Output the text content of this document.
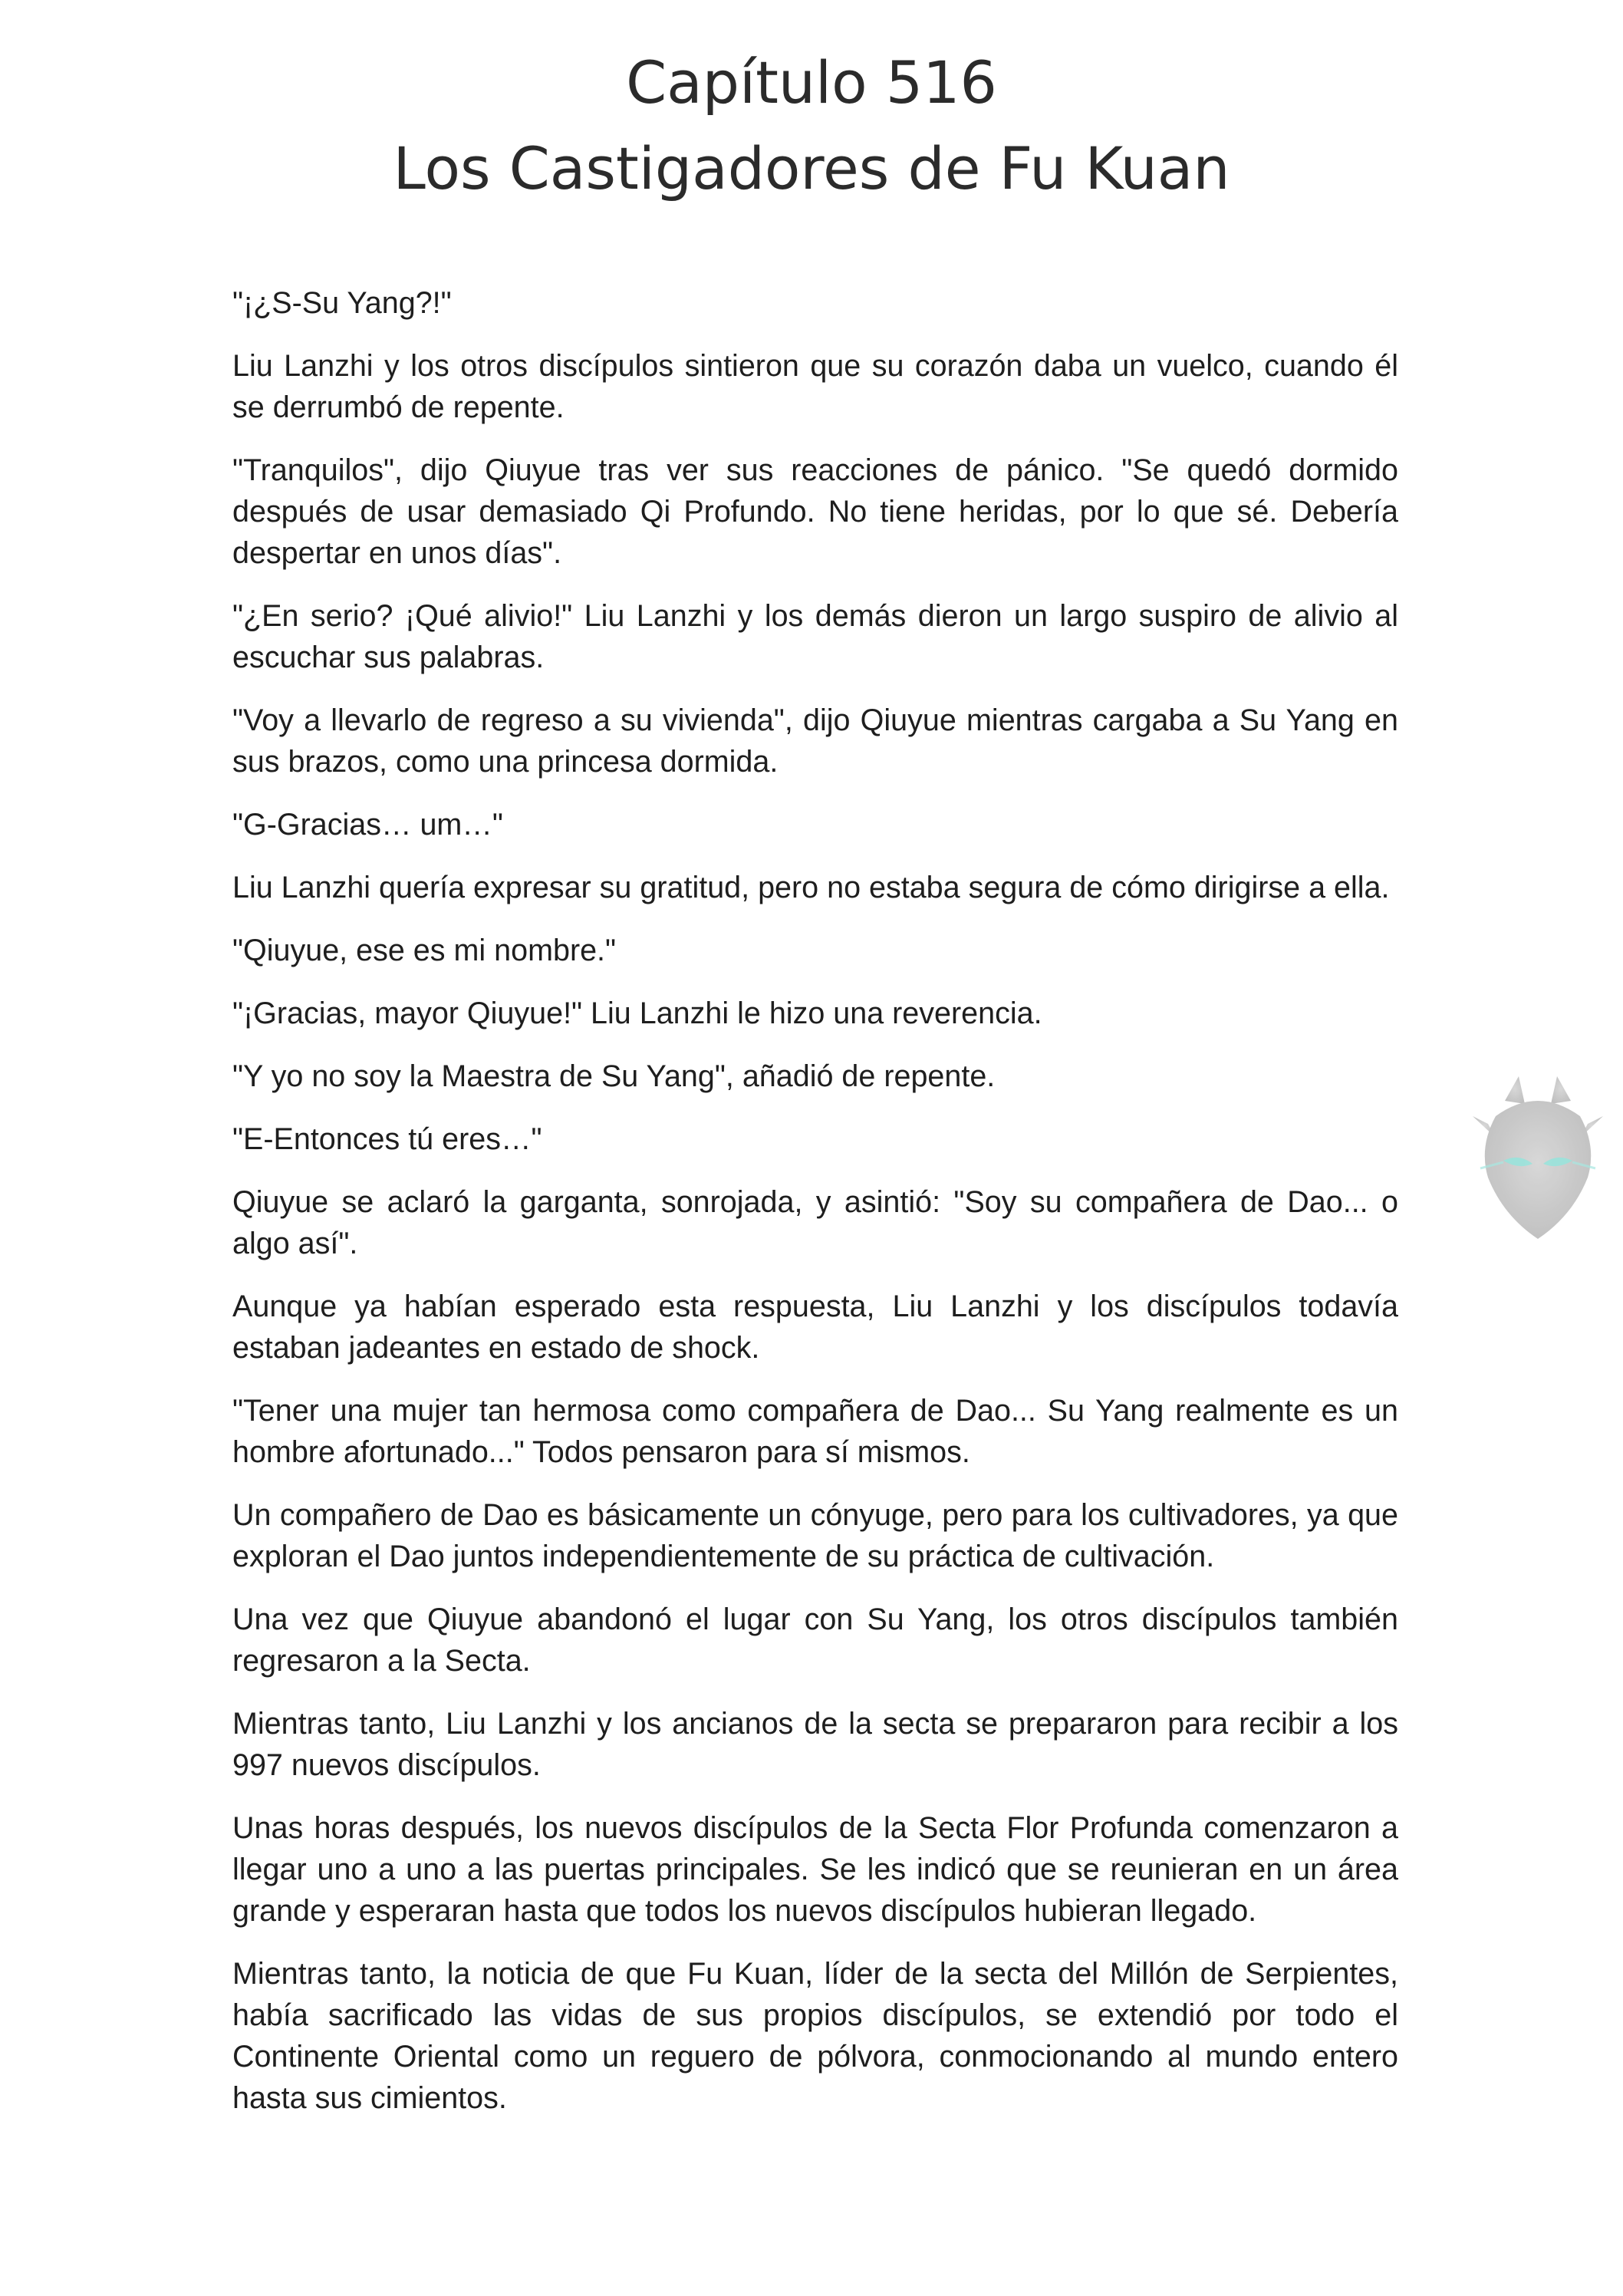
Capítulo 516
Los Castigadores de Fu Kuan

"¡¿S-Su Yang?!"

Liu Lanzhi y los otros discípulos sintieron que su corazón daba un vuelco, cuando él se derrumbó de repente.

"Tranquilos", dijo Qiuyue tras ver sus reacciones de pánico. "Se quedó dormido después de usar demasiado Qi Profundo. No tiene heridas, por lo que sé. Debería despertar en unos días".

"¿En serio? ¡Qué alivio!" Liu Lanzhi y los demás dieron un largo suspiro de alivio al escuchar sus palabras.

"Voy a llevarlo de regreso a su vivienda", dijo Qiuyue mientras cargaba a Su Yang en sus brazos, como una princesa dormida.

"G-Gracias… um…"

Liu Lanzhi quería expresar su gratitud, pero no estaba segura de cómo dirigirse a ella.

"Qiuyue, ese es mi nombre."

"¡Gracias, mayor Qiuyue!" Liu Lanzhi le hizo una reverencia.

"Y yo no soy la Maestra de Su Yang", añadió de repente.

"E-Entonces tú eres…"

Qiuyue se aclaró la garganta, sonrojada, y asintió: "Soy su compañera de Dao... o algo así".

Aunque ya habían esperado esta respuesta, Liu Lanzhi y los discípulos todavía estaban jadeantes en estado de shock.

"Tener una mujer tan hermosa como compañera de Dao... Su Yang realmente es un hombre afortunado..." Todos pensaron para sí mismos.

Un compañero de Dao es básicamente un cónyuge, pero para los cultivadores, ya que exploran el Dao juntos independientemente de su práctica de cultivación.

Una vez que Qiuyue abandonó el lugar con Su Yang, los otros discípulos también regresaron a la Secta.

Mientras tanto, Liu Lanzhi y los ancianos de la secta se prepararon para recibir a los 997 nuevos discípulos.

Unas horas después, los nuevos discípulos de la Secta Flor Profunda comenzaron a llegar uno a uno a las puertas principales. Se les indicó que se reunieran en un área grande y esperaran hasta que todos los nuevos discípulos hubieran llegado.

Mientras tanto, la noticia de que Fu Kuan, líder de la secta del Millón de Serpientes, había sacrificado las vidas de sus propios discípulos, se extendió por todo el Continente Oriental como un reguero de pólvora, conmocionando al mundo entero hasta sus cimientos.
